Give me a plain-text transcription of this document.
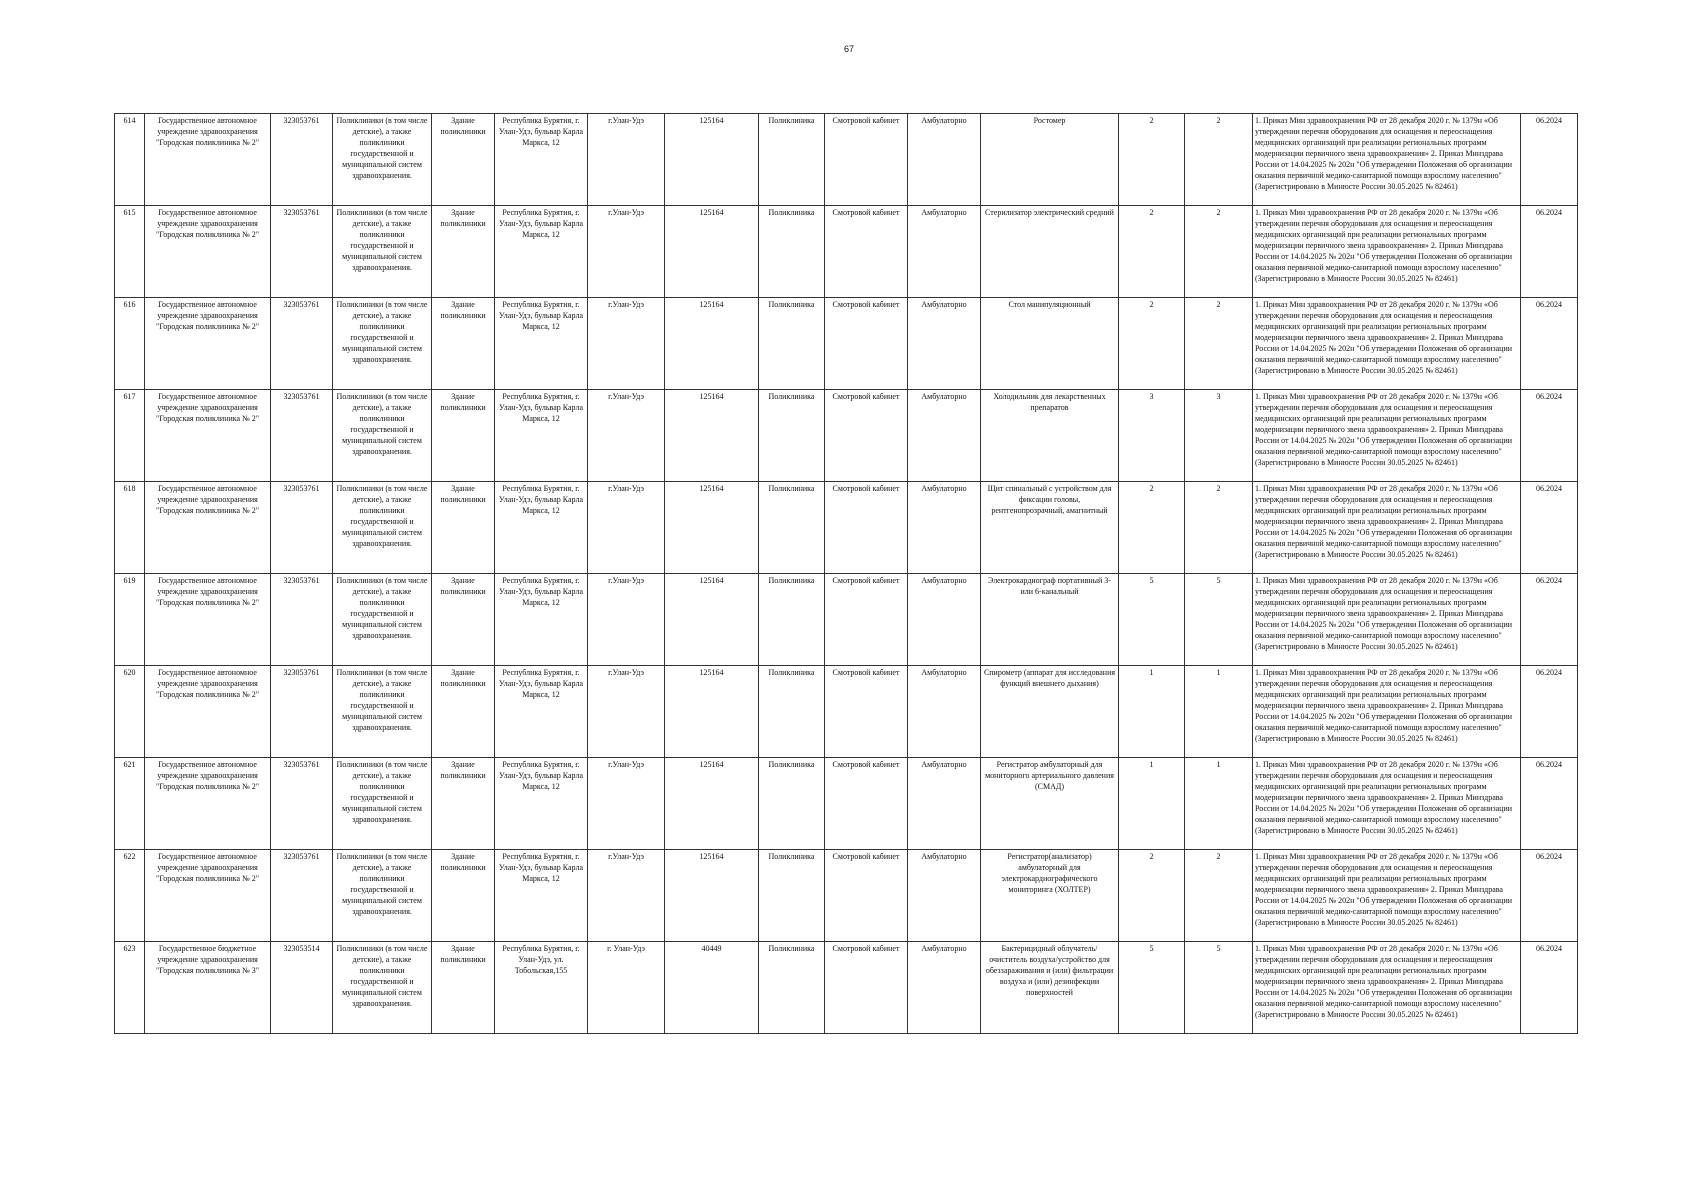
67
614	Государственное автономное учреждение здравоохранения "Городская поликлиника № 2"	323053761	Поликлиники (в том числе детские), а также поликлиники государственной и муниципальной систем здравоохранения.	Здание поликлиники	Республика Бурятия, г. Улан-Удэ, бульвар Карла Маркса, 12	г.Улан-Удэ	125164	Поликлиника	Смотровой кабинет	Амбулаторно	Ростомер	2	2	1. Приказ Мин здравоохранения РФ от 28 декабря 2020 г. № 1379н «Об утверждении перечня оборудования для оснащения и переоснащения медицинских организаций при реализации региональных программ модернизации первичного звена здравоохранения» 2. Приказ Минздрава России от 14.04.2025 № 202н "Об утверждении Положения об организации оказания первичной медико-санитарной помощи взрослому населению" (Зарегистрировано в Минюсте России 30.05.2025 № 82461)	06.2024
615	Государственное автономное учреждение здравоохранения "Городская поликлиника № 2"	323053761	Поликлиники (в том числе детские), а также поликлиники государственной и муниципальной систем здравоохранения.	Здание поликлиники	Республика Бурятия, г. Улан-Удэ, бульвар Карла Маркса, 12	г.Улан-Удэ	125164	Поликлиника	Смотровой кабинет	Амбулаторно	Стерилизатор электрический средний	2	2	1. Приказ Мин здравоохранения РФ от 28 декабря 2020 г. № 1379н «Об утверждении перечня оборудования для оснащения и переоснащения медицинских организаций при реализации региональных программ модернизации первичного звена здравоохранения» 2. Приказ Минздрава России от 14.04.2025 № 202н "Об утверждении Положения об организации оказания первичной медико-санитарной помощи взрослому населению" (Зарегистрировано в Минюсте России 30.05.2025 № 82461)	06.2024
616	Государственное автономное учреждение здравоохранения "Городская поликлиника № 2"	323053761	Поликлиники (в том числе детские), а также поликлиники государственной и муниципальной систем здравоохранения.	Здание поликлиники	Республика Бурятия, г. Улан-Удэ, бульвар Карла Маркса, 12	г.Улан-Удэ	125164	Поликлиника	Смотровой кабинет	Амбулаторно	Стол манипуляционный	2	2	1. Приказ Мин здравоохранения РФ от 28 декабря 2020 г. № 1379н «Об утверждении перечня оборудования для оснащения и переоснащения медицинских организаций при реализации региональных программ модернизации первичного звена здравоохранения» 2. Приказ Минздрава России от 14.04.2025 № 202н "Об утверждении Положения об организации оказания первичной медико-санитарной помощи взрослому населению" (Зарегистрировано в Минюсте России 30.05.2025 № 82461)	06.2024
617	Государственное автономное учреждение здравоохранения "Городская поликлиника № 2"	323053761	Поликлиники (в том числе детские), а также поликлиники государственной и муниципальной систем здравоохранения.	Здание поликлиники	Республика Бурятия, г. Улан-Удэ, бульвар Карла Маркса, 12	г.Улан-Удэ	125164	Поликлиника	Смотровой кабинет	Амбулаторно	Холодильник для лекарственных препаратов	3	3	1. Приказ Мин здравоохранения РФ от 28 декабря 2020 г. № 1379н «Об утверждении перечня оборудования для оснащения и переоснащения медицинских организаций при реализации региональных программ модернизации первичного звена здравоохранения» 2. Приказ Минздрава России от 14.04.2025 № 202н "Об утверждении Положения об организации оказания первичной медико-санитарной помощи взрослому населению" (Зарегистрировано в Минюсте России 30.05.2025 № 82461)	06.2024
618	Государственное автономное учреждение здравоохранения "Городская поликлиника № 2"	323053761	Поликлиники (в том числе детские), а также поликлиники государственной и муниципальной систем здравоохранения.	Здание поликлиники	Республика Бурятия, г. Улан-Удэ, бульвар Карла Маркса, 12	г.Улан-Удэ	125164	Поликлиника	Смотровой кабинет	Амбулаторно	Щит спинальный с устройством для фиксации головы, рентгенопрозрачный, амагнитный	2	2	1. Приказ Мин здравоохранения РФ от 28 декабря 2020 г. № 1379н «Об утверждении перечня оборудования для оснащения и переоснащения медицинских организаций при реализации региональных программ модернизации первичного звена здравоохранения» 2. Приказ Минздрава России от 14.04.2025 № 202н "Об утверждении Положения об организации оказания первичной медико-санитарной помощи взрослому населению" (Зарегистрировано в Минюсте России 30.05.2025 № 82461)	06.2024
619	Государственное автономное учреждение здравоохранения "Городская поликлиника № 2"	323053761	Поликлиники (в том числе детские), а также поликлиники государственной и муниципальной систем здравоохранения.	Здание поликлиники	Республика Бурятия, г. Улан-Удэ, бульвар Карла Маркса, 12	г.Улан-Удэ	125164	Поликлиника	Смотровой кабинет	Амбулаторно	Электрокардиограф портативный 3- или 6-канальный	5	5	1. Приказ Мин здравоохранения РФ от 28 декабря 2020 г. № 1379н «Об утверждении перечня оборудования для оснащения и переоснащения медицинских организаций при реализации региональных программ модернизации первичного звена здравоохранения» 2. Приказ Минздрава России от 14.04.2025 № 202н "Об утверждении Положения об организации оказания первичной медико-санитарной помощи взрослому населению" (Зарегистрировано в Минюсте России 30.05.2025 № 82461)	06.2024
620	Государственное автономное учреждение здравоохранения "Городская поликлиника № 2"	323053761	Поликлиники (в том числе детские), а также поликлиники государственной и муниципальной систем здравоохранения.	Здание поликлиники	Республика Бурятия, г. Улан-Удэ, бульвар Карла Маркса, 12	г.Улан-Удэ	125164	Поликлиника	Смотровой кабинет	Амбулаторно	Спирометр (аппарат для исследования функций внешнего дыхания)	1	1	1. Приказ Мин здравоохранения РФ от 28 декабря 2020 г. № 1379н «Об утверждении перечня оборудования для оснащения и переоснащения медицинских организаций при реализации региональных программ модернизации первичного звена здравоохранения» 2. Приказ Минздрава России от 14.04.2025 № 202н "Об утверждении Положения об организации оказания первичной медико-санитарной помощи взрослому населению" (Зарегистрировано в Минюсте России 30.05.2025 № 82461)	06.2024
621	Государственное автономное учреждение здравоохранения "Городская поликлиника № 2"	323053761	Поликлиники (в том числе детские), а также поликлиники государственной и муниципальной систем здравоохранения.	Здание поликлиники	Республика Бурятия, г. Улан-Удэ, бульвар Карла Маркса, 12	г.Улан-Удэ	125164	Поликлиника	Смотровой кабинет	Амбулаторно	Регистратор амбулаторный для мониторного артериального давления (СМАД)	1	1	1. Приказ Мин здравоохранения РФ от 28 декабря 2020 г. № 1379н «Об утверждении перечня оборудования для оснащения и переоснащения медицинских организаций при реализации региональных программ модернизации первичного звена здравоохранения» 2. Приказ Минздрава России от 14.04.2025 № 202н "Об утверждении Положения об организации оказания первичной медико-санитарной помощи взрослому населению" (Зарегистрировано в Минюсте России 30.05.2025 № 82461)	06.2024
622	Государственное автономное учреждение здравоохранения "Городская поликлиника № 2"	323053761	Поликлиники (в том числе детские), а также поликлиники государственной и муниципальной систем здравоохранения.	Здание поликлиники	Республика Бурятия, г. Улан-Удэ, бульвар Карла Маркса, 12	г.Улан-Удэ	125164	Поликлиника	Смотровой кабинет	Амбулаторно	Регистратор(анализатор) амбулаторный для электрокардиографического мониторинга (ХОЛТЕР)	2	2	1. Приказ Мин здравоохранения РФ от 28 декабря 2020 г. № 1379н «Об утверждении перечня оборудования для оснащения и переоснащения медицинских организаций при реализации региональных программ модернизации первичного звена здравоохранения» 2. Приказ Минздрава России от 14.04.2025 № 202н "Об утверждении Положения об организации оказания первичной медико-санитарной помощи взрослому населению" (Зарегистрировано в Минюсте России 30.05.2025 № 82461)	06.2024
623	Государственное бюджетное учреждение здравоохранения "Городская поликлиника № 3"	323053514	Поликлиники (в том числе детские), а также поликлиники государственной и муниципальной систем здравоохранения.	Здание поликлиники	Республика Бурятия, г. Улан-Удэ, ул. Тобольская,155	г. Улан-Удэ	40449	Поликлиника	Смотровой кабинет	Амбулаторно	Бактерицидный облучатель/очиститель воздуха/устройство для обеззараживания и (или) фильтрации воздуха и (или) дезинфекции поверхностей	5	5	1. Приказ Мин здравоохранения РФ от 28 декабря 2020 г. № 1379н «Об утверждении перечня оборудования для оснащения и переоснащения медицинских организаций при реализации региональных программ модернизации первичного звена здравоохранения» 2. Приказ Минздрава России от 14.04.2025 № 202н "Об утверждении Положения об организации оказания первичной медико-санитарной помощи взрослому населению" (Зарегистрировано в Минюсте России 30.05.2025 № 82461)	06.2024
